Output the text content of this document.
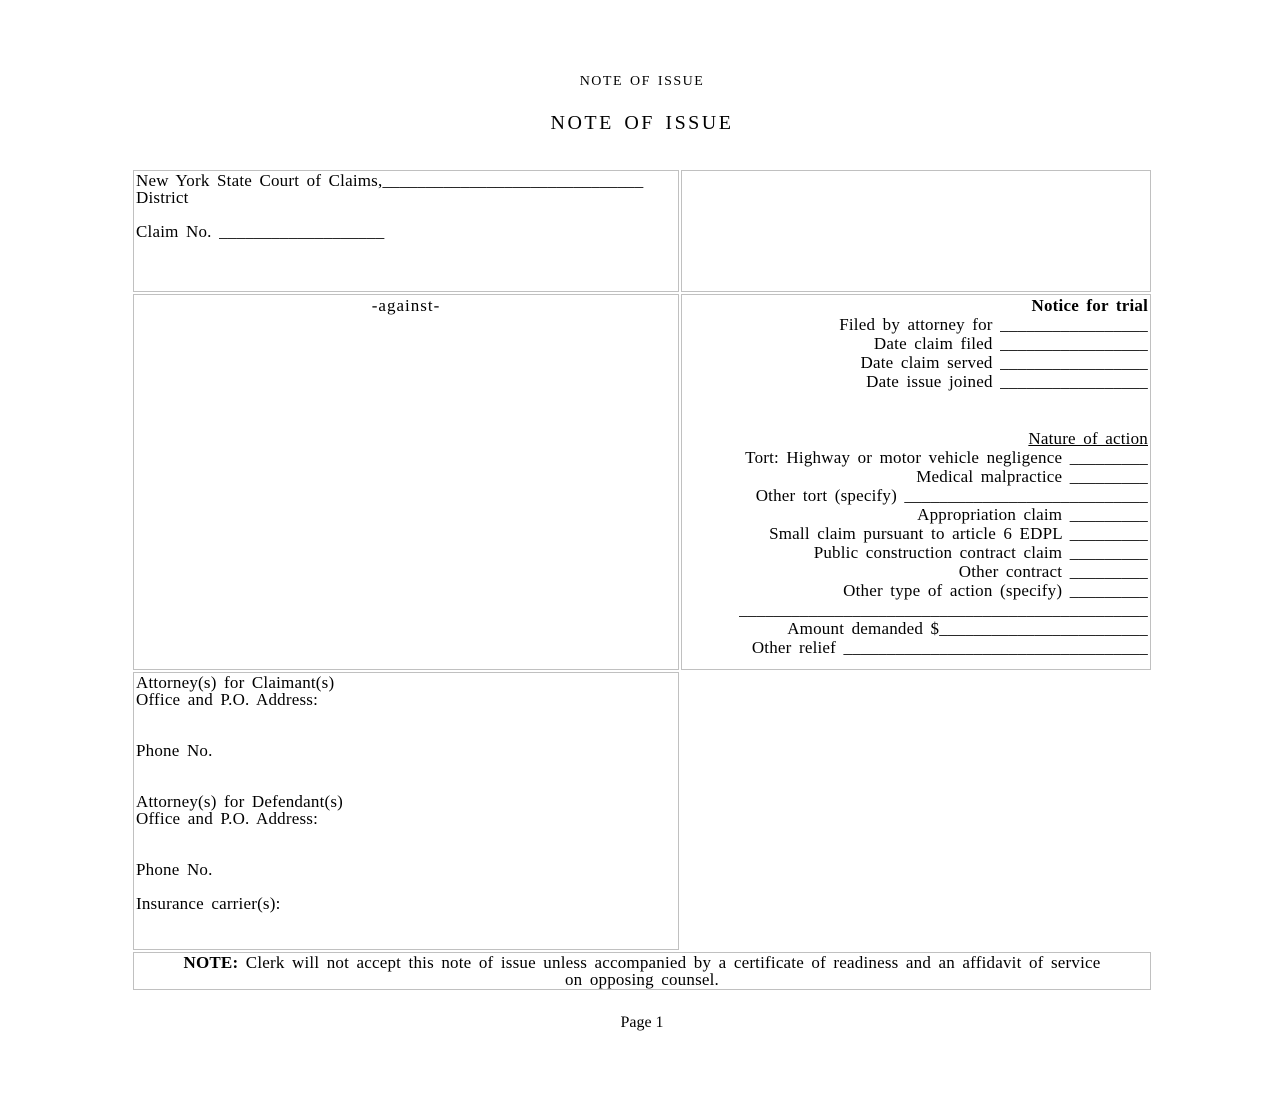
NOTE OF ISSUE
NOTE OF ISSUE
New York State Court of Claims,______________________________
District

Claim No. ___________________	

-against-	Notice for trial
Filed by attorney for _________________
Date claim filed _________________
Date claim served _________________
Date issue joined _________________

Nature of action
Tort: Highway or motor vehicle negligence _________
Medical malpractice _________
Other tort (specify) ____________________________
Appropriation claim _________
Small claim pursuant to article 6 EDPL _________
Public construction contract claim _________
Other contract _________
Other type of action (specify) _________
_______________________________________________
Amount demanded $________________________
Other relief ___________________________________

Attorney(s) for Claimant(s)
Office and P.O. Address:

Phone No.

Attorney(s) for Defendant(s)
Office and P.O. Address:

Phone No.

Insurance carrier(s):

NOTE: Clerk will not accept this note of issue unless accompanied by a certificate of readiness and an affidavit of service
on opposing counsel.	
Page 1
